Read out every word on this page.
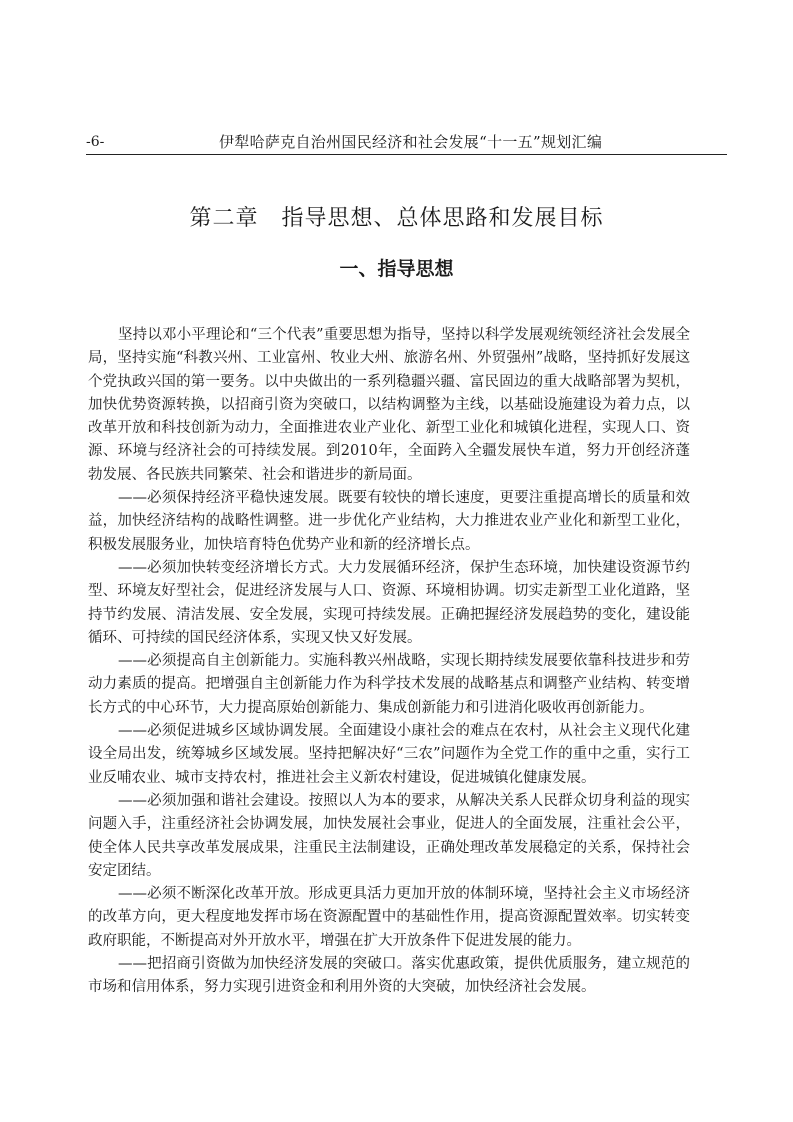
-6-	伊犁哈萨克自治州国民经济和社会发展“十一五”规划汇编
第二章　指导思想、总体思路和发展目标
一、指导思想

坚持以邓小平理论和“三个代表”重要思想为指导，坚持以科学发展观统领经济社会发展全局，坚持实施“科教兴州、工业富州、牧业大州、旅游名州、外贸强州”战略，坚持抓好发展这个党执政兴国的第一要务。以中央做出的一系列稳疆兴疆、富民固边的重大战略部署为契机，加快优势资源转换，以招商引资为突破口，以结构调整为主线，以基础设施建设为着力点，以改革开放和科技创新为动力，全面推进农业产业化、新型工业化和城镇化进程，实现人口、资源、环境与经济社会的可持续发展。到2010年，全面跨入全疆发展快车道，努力开创经济蓬勃发展、各民族共同繁荣、社会和谐进步的新局面。

——必须保持经济平稳快速发展。既要有较快的增长速度，更要注重提高增长的质量和效益，加快经济结构的战略性调整。进一步优化产业结构，大力推进农业产业化和新型工业化，积极发展服务业，加快培育特色优势产业和新的经济增长点。

——必须加快转变经济增长方式。大力发展循环经济，保护生态环境，加快建设资源节约型、环境友好型社会，促进经济发展与人口、资源、环境相协调。切实走新型工业化道路，坚持节约发展、清洁发展、安全发展，实现可持续发展。正确把握经济发展趋势的变化，建设能循环、可持续的国民经济体系，实现又快又好发展。

——必须提高自主创新能力。实施科教兴州战略，实现长期持续发展要依靠科技进步和劳动力素质的提高。把增强自主创新能力作为科学技术发展的战略基点和调整产业结构、转变增长方式的中心环节，大力提高原始创新能力、集成创新能力和引进消化吸收再创新能力。

——必须促进城乡区域协调发展。全面建设小康社会的难点在农村，从社会主义现代化建设全局出发，统筹城乡区域发展。坚持把解决好“三农”问题作为全党工作的重中之重，实行工业反哺农业、城市支持农村，推进社会主义新农村建设，促进城镇化健康发展。

——必须加强和谐社会建设。按照以人为本的要求，从解决关系人民群众切身利益的现实问题入手，注重经济社会协调发展，加快发展社会事业，促进人的全面发展，注重社会公平，使全体人民共享改革发展成果，注重民主法制建设，正确处理改革发展稳定的关系，保持社会安定团结。

——必须不断深化改革开放。形成更具活力更加开放的体制环境，坚持社会主义市场经济的改革方向，更大程度地发挥市场在资源配置中的基础性作用，提高资源配置效率。切实转变政府职能，不断提高对外开放水平，增强在扩大开放条件下促进发展的能力。

——把招商引资做为加快经济发展的突破口。落实优惠政策，提供优质服务，建立规范的市场和信用体系，努力实现引进资金和利用外资的大突破，加快经济社会发展。
